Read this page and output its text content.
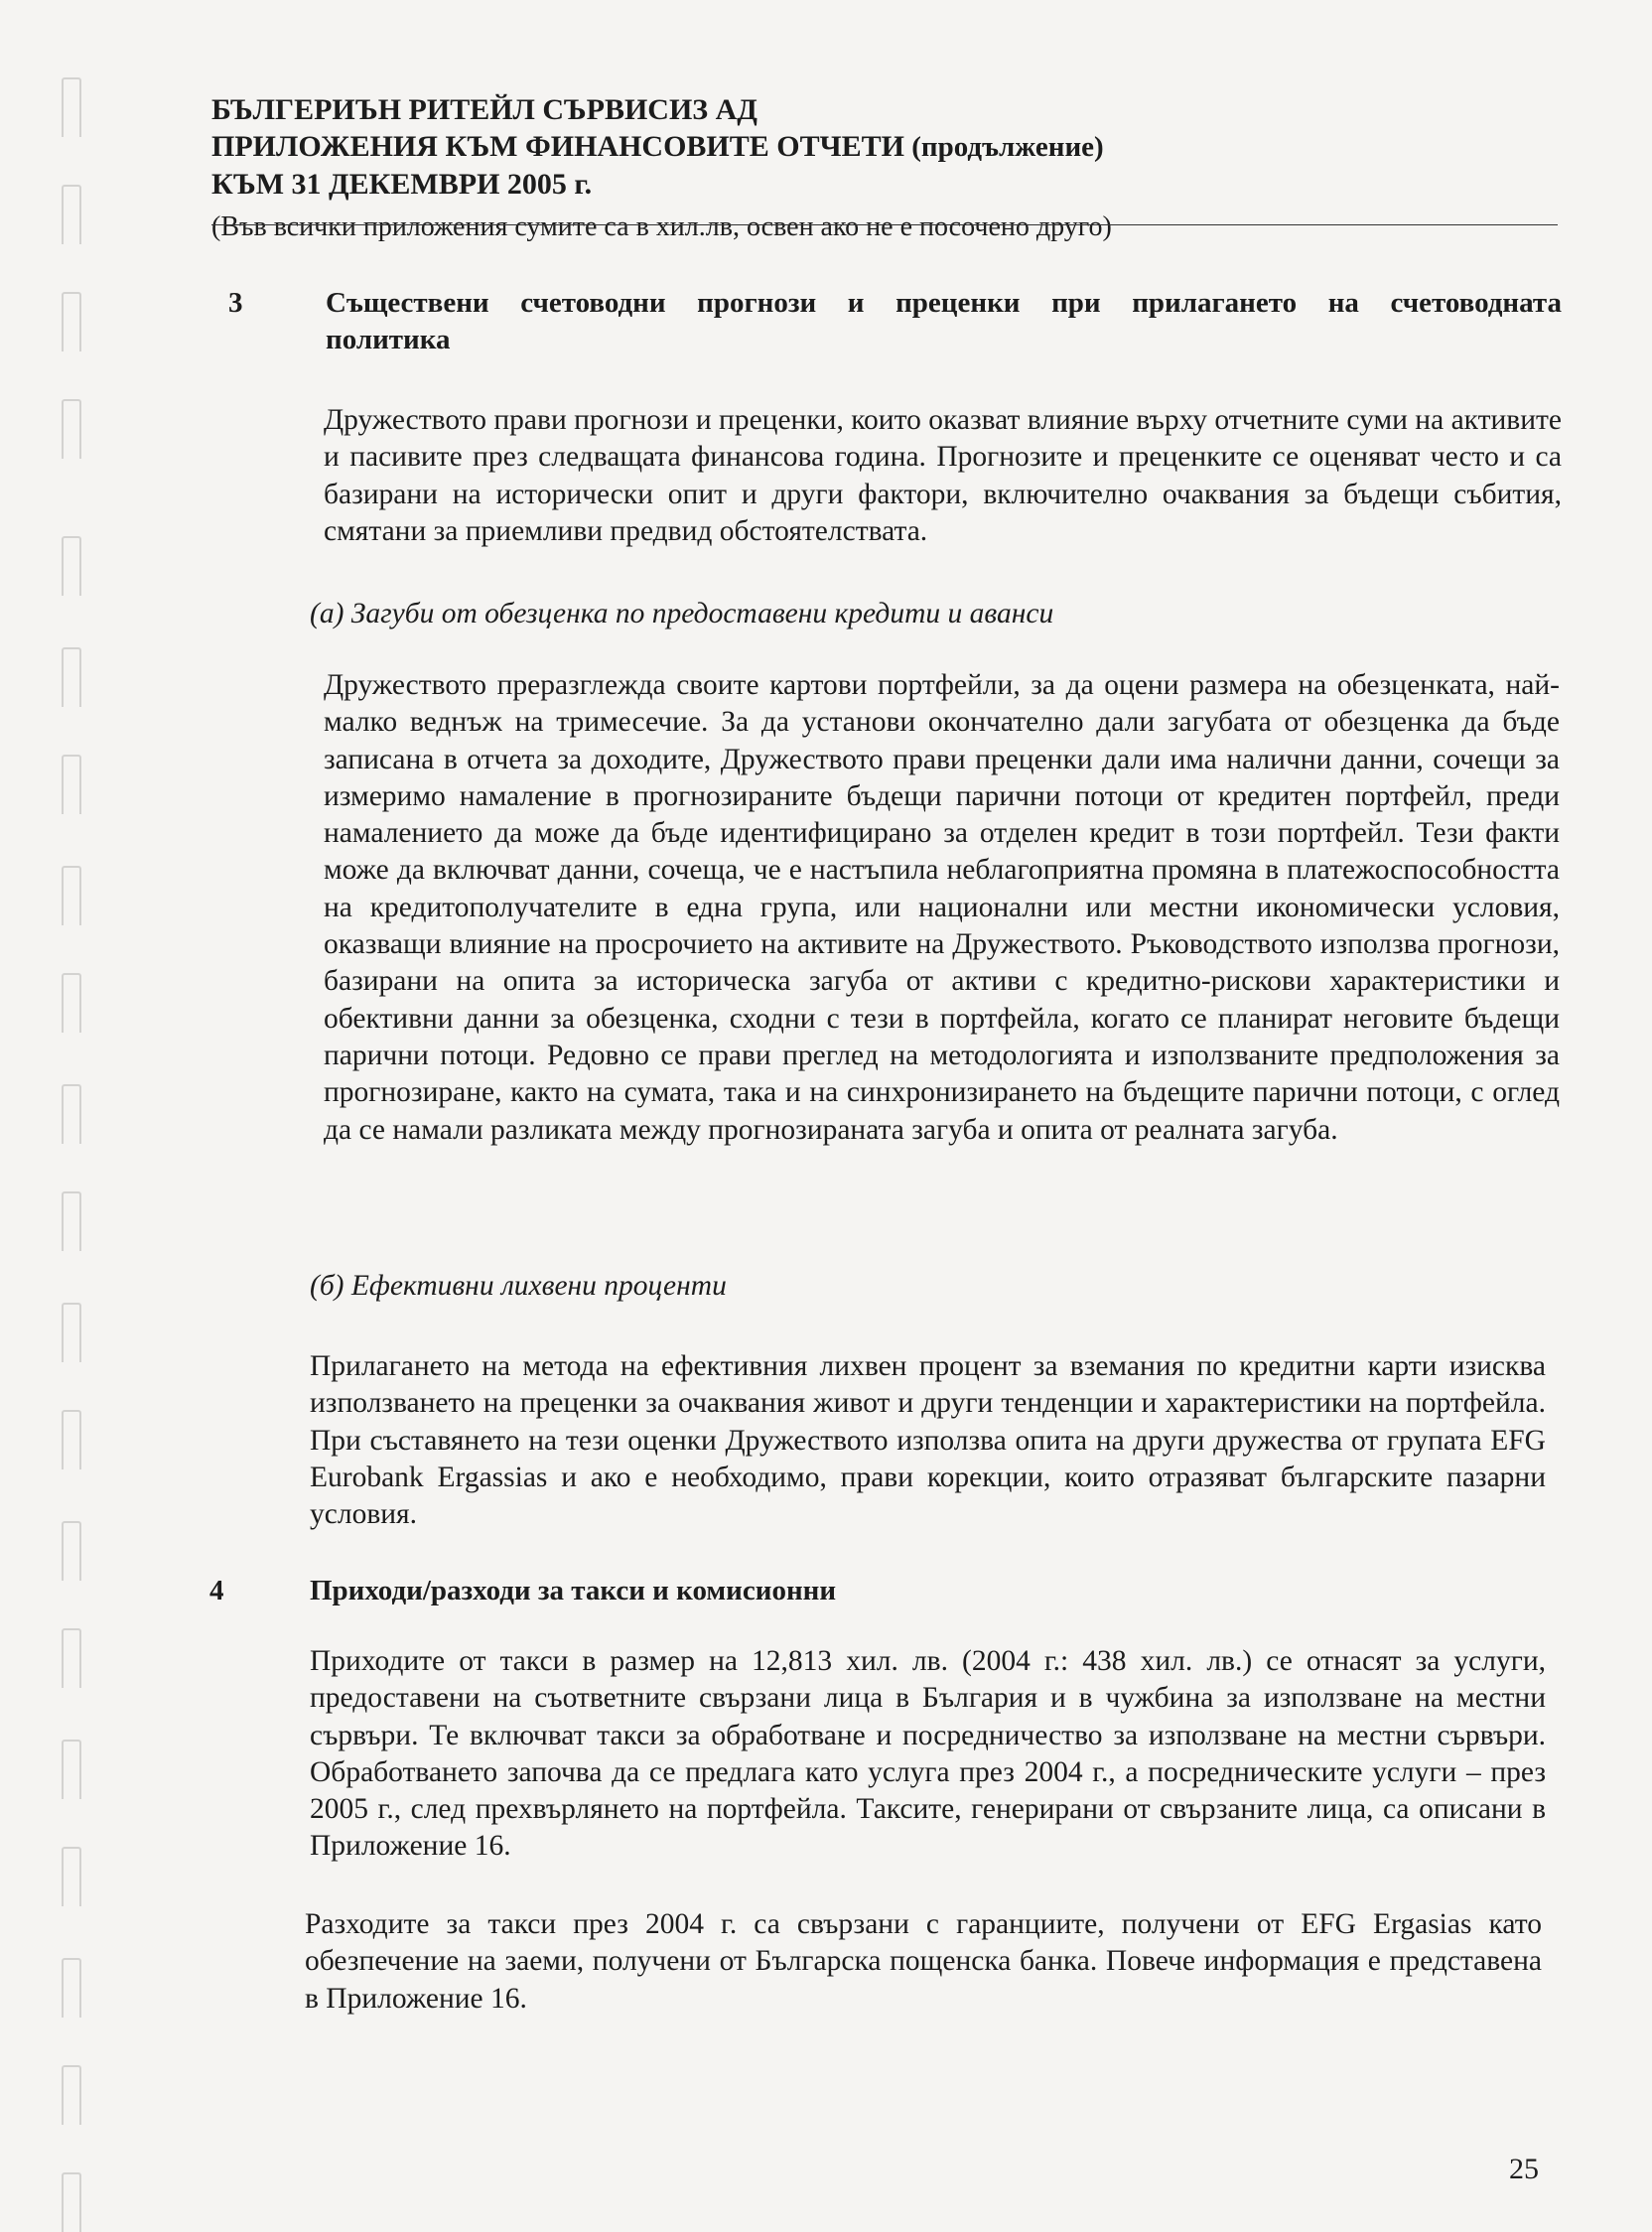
БЪЛГЕРИЪН РИТЕЙЛ СЪРВИСИЗ АД

ПРИЛОЖЕНИЯ КЪМ ФИНАНСОВИТЕ ОТЧЕТИ (продължение)

КЪМ 31 ДЕКЕМВРИ 2005 г.

(Във всички приложения сумите са в хил.лв, освен ако не е посочено друго)
3	Съществени счетоводни прогнози и преценки при прилагането на счетоводната
политика

Дружеството прави прогнози и преценки, които оказват влияние върху отчетните суми на активите и пасивите през следващата финансова година. Прогнозите и преценките се оценяват често и са базирани на исторически опит и други фактори, включително очаквания за бъдещи събития, смятани за приемливи предвид обстоятелствата.

(а) Загуби от обезценка по предоставени кредити и аванси

Дружеството преразглежда своите картови портфейли, за да оцени размера на обезценката, най-малко веднъж на тримесечие. За да установи окончателно дали загубата от обезценка да бъде записана в отчета за доходите, Дружеството прави преценки дали има налични данни, сочещи за измеримо намаление в прогнозираните бъдещи парични потоци от кредитен портфейл, преди намалението да може да бъде идентифицирано за отделен кредит в този портфейл. Тези факти може да включват данни, сочеща, че е настъпила неблагоприятна промяна в платежоспособността на кредитополучателите в една група, или национални или местни икономически условия, оказващи влияние на просрочието на активите на Дружеството. Ръководството използва прогнози, базирани на опита за историческа загуба от активи с кредитно-рискови характеристики и обективни данни за обезценка, сходни с тези в портфейла, когато се планират неговите бъдещи парични потоци. Редовно се прави преглед на методологията и използваните предположения за прогнозиране, както на сумата, така и на синхронизирането на бъдещите парични потоци, с оглед да се намали разликата между прогнозираната загуба и опита от реалната загуба.

(б) Ефективни лихвени проценти

Прилагането на метода на ефективния лихвен процент за вземания по кредитни карти изисква използването на преценки за очаквания живот и други тенденции и характеристики на портфейла. При съставянето на тези оценки Дружеството използва опита на други дружества от групата EFG Eurobank Ergassias и ако е необходимо, прави корекции, които отразяват българските пазарни условия.

4	Приходи/разходи за такси и комисионни

Приходите от такси в размер на 12,813 хил. лв. (2004 г.: 438 хил. лв.) се отнасят за услуги, предоставени на съответните свързани лица в България и в чужбина за използване на местни сървъри. Те включват такси за обработване и посредничество за използване на местни сървъри. Обработването започва да се предлага като услуга през 2004 г., а посредническите услуги – през 2005 г., след прехвърлянето на портфейла. Таксите, генерирани от свързаните лица, са описани в Приложение 16.

Разходите за такси през 2004 г. са свързани с гаранциите, получени от EFG Ergasias като обезпечение на заеми, получени от Българска пощенска банка. Повече информация е представена в Приложение 16.

25
